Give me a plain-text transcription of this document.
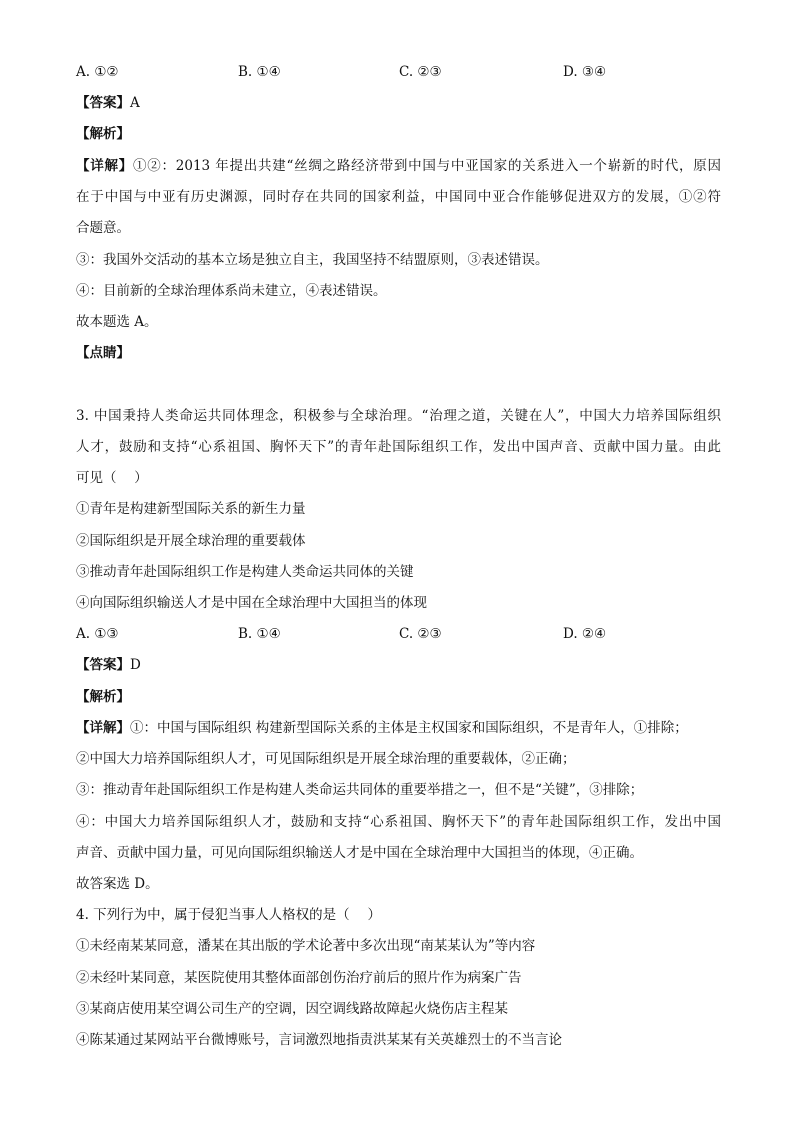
A. ①②	B. ①④	C. ②③	D. ③④
【答案】A
【解析】
【详解】①②：2013 年提出共建“丝绸之路经济带到中国与中亚国家的关系进入一个崭新的时代，原因
在于中国与中亚有历史渊源，同时存在共同的国家利益，中国同中亚合作能够促进双方的发展，①②符
合题意。
③：我国外交活动的基本立场是独立自主，我国坚持不结盟原则，③表述错误。
④：目前新的全球治理体系尚未建立，④表述错误。
故本题选 A。
【点睛】
3. 中国秉持人类命运共同体理念，积极参与全球治理。“治理之道，关键在人”，中国大力培养国际组织
人才，鼓励和支持“心系祖国、胸怀天下”的青年赴国际组织工作，发出中国声音、贡献中国力量。由此
可见（　 ）
①青年是构建新型国际关系的新生力量
②国际组织是开展全球治理的重要载体
③推动青年赴国际组织工作是构建人类命运共同体的关键
④向国际组织输送人才是中国在全球治理中大国担当的体现
A. ①③	B. ①④	C. ②③	D. ②④
【答案】D
【解析】
【详解】①：中国与国际组织 构建新型国际关系的主体是主权国家和国际组织，不是青年人，①排除；
②中国大力培养国际组织人才，可见国际组织是开展全球治理的重要载体，②正确；
③：推动青年赴国际组织工作是构建人类命运共同体的重要举措之一，但不是“关键”，③排除；
④：中国大力培养国际组织人才，鼓励和支持“心系祖国、胸怀天下”的青年赴国际组织工作，发出中国
声音、贡献中国力量，可见向国际组织输送人才是中国在全球治理中大国担当的体现，④正确。
故答案选 D。
4. 下列行为中，属于侵犯当事人人格权的是（　 ）
①未经南某某同意，潘某在其出版的学术论著中多次出现“南某某认为”等内容
②未经叶某同意，某医院使用其整体面部创伤治疗前后的照片作为病案广告
③某商店使用某空调公司生产的空调，因空调线路故障起火烧伤店主程某
④陈某通过某网站平台微博账号，言词激烈地指责洪某某有关英雄烈士的不当言论
